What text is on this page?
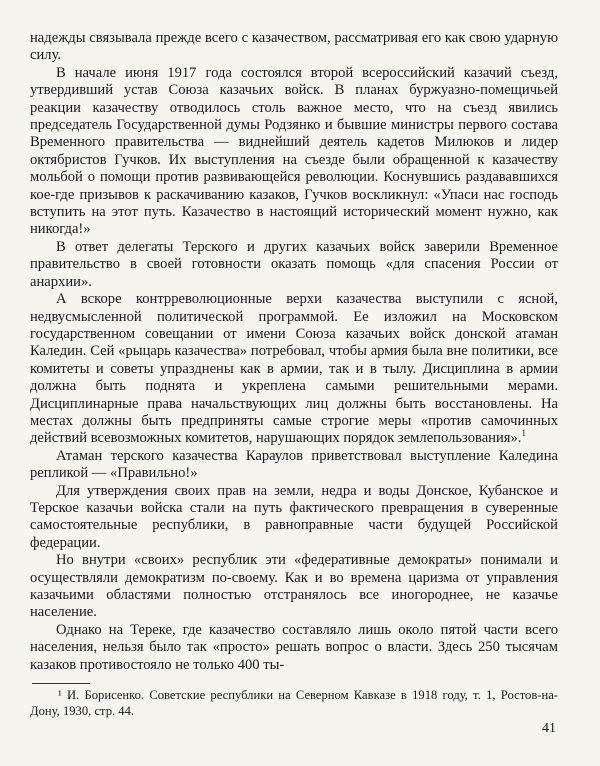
надежды связывала прежде всего с казачеством, рассматривая его как свою ударную силу.

В начале июня 1917 года состоялся второй всероссийский казачий съезд, утвердивший устав Союза казачьих войск. В планах буржуазно-помещичьей реакции казачеству отводилось столь важное место, что на съезд явились председатель Государственной думы Родзянко и бывшие министры первого состава Временного правительства — виднейший деятель кадетов Милюков и лидер октябристов Гучков. Их выступления на съезде были обращенной к казачеству мольбой о помощи против развивающейся революции. Коснувшись раздававшихся кое-где призывов к раскачиванию казаков, Гучков воскликнул: «Упаси нас господь вступить на этот путь. Казачество в настоящий исторический момент нужно, как никогда!»

В ответ делегаты Терского и других казачьих войск заверили Временное правительство в своей готовности оказать помощь «для спасения России от анархии».

А вскоре контрреволюционные верхи казачества выступили с ясной, недвусмысленной политической программой. Ее изложил на Московском государственном совещании от имени Союза казачьих войск донской атаман Каледин. Сей «рыцарь казачества» потребовал, чтобы армия была вне политики, все комитеты и советы упразднены как в армии, так и в тылу. Дисциплина в армии должна быть поднята и укреплена самыми решительными мерами. Дисциплинарные права начальствующих лиц должны быть восстановлены. На местах должны быть предприняты самые строгие меры «против самочинных действий всевозможных комитетов, нарушающих порядок землепользования».$^1$

Атаман терского казачества Караулов приветствовал выступление Каледина репликой — «Правильно!»

Для утверждения своих прав на земли, недра и воды Донское, Кубанское и Терское казачьи войска стали на путь фактического превращения в суверенные самостоятельные республики, в равноправные части будущей Российской федерации.

Но внутри «своих» республик эти «федеративные демократы» понимали и осуществляли демократизм по-своему. Как и во времена царизма от управления казачьими областями полностью отстранялось все иногороднее, не казачье население.

Однако на Тереке, где казачество составляло лишь около пятой части всего населения, нельзя было так «просто» решать вопрос о власти. Здесь 250 тысячам казаков противостояло не только 400 ты-

¹ И. Борисенко. Советские республики на Северном Кавказе в 1918 году, т. 1, Ростов-на-Дону, 1930, стр. 44.

41
